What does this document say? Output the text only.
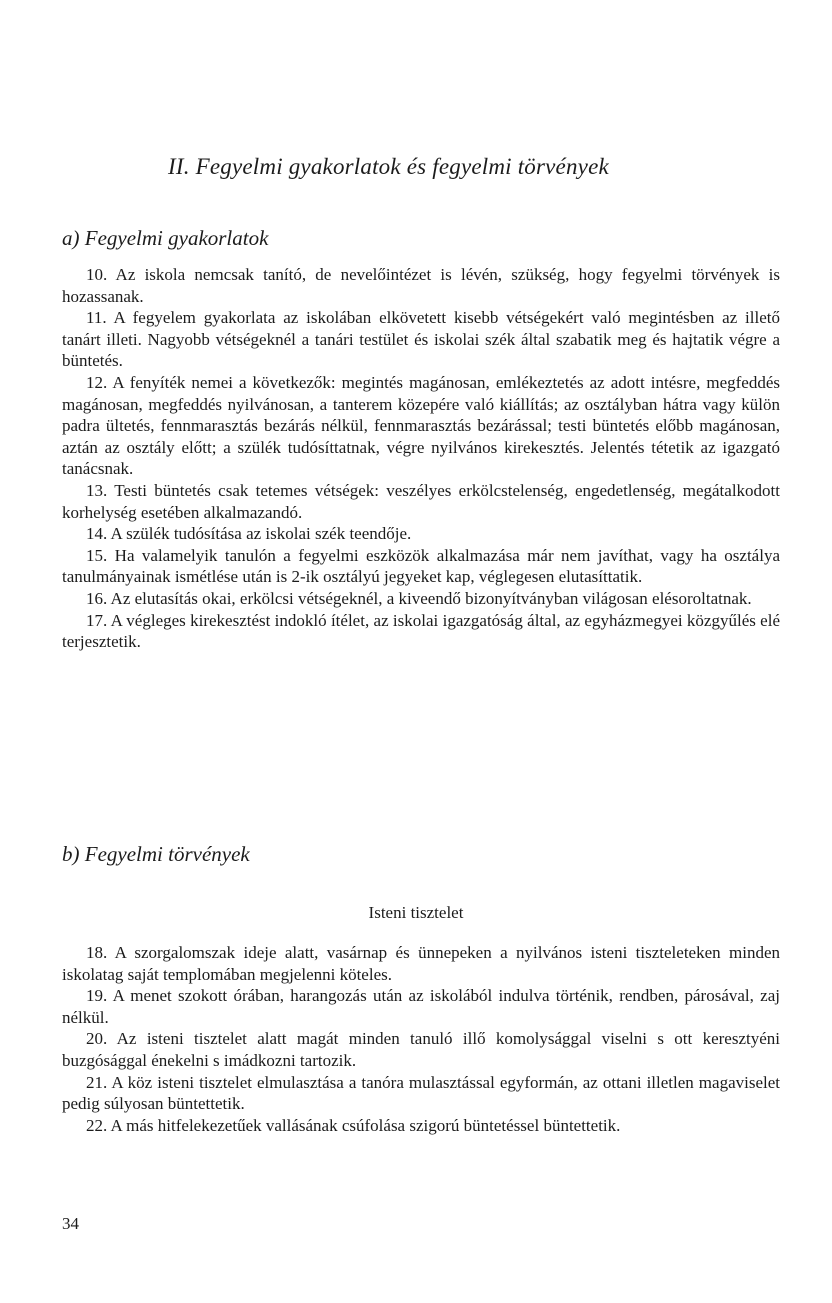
II. Fegyelmi gyakorlatok és fegyelmi törvények
a) Fegyelmi gyakorlatok

10. Az iskola nemcsak tanító, de nevelőintézet is lévén, szükség, hogy fegyelmi törvények is hozassanak.

11. A fegyelem gyakorlata az iskolában elkövetett kisebb vétségekért való megintésben az illető tanárt illeti. Nagyobb vétségeknél a tanári testület és iskolai szék által szabatik meg és hajtatik végre a büntetés.

12. A fenyíték nemei a következők: megintés magánosan, emlékeztetés az adott intésre, megfeddés magánosan, megfeddés nyilvánosan, a tanterem közepére való kiállítás; az osztályban hátra vagy külön padra ültetés, fennmarasztás bezárás nélkül, fennmarasztás bezárással; testi büntetés előbb magánosan, aztán az osztály előtt; a szülék tudósíttatnak, végre nyilvános kirekesztés. Jelentés tétetik az igazgató tanácsnak.

13. Testi büntetés csak tetemes vétségek: veszélyes erkölcstelenség, engedetlenség, megátalkodott korhelység esetében alkalmazandó.

14. A szülék tudósítása az iskolai szék teendője.

15. Ha valamelyik tanulón a fegyelmi eszközök alkalmazása már nem javíthat, vagy ha osztálya tanulmányainak ismétlése után is 2-ik osztályú jegyeket kap, véglegesen elutasíttatik.

16. Az elutasítás okai, erkölcsi vétségeknél, a kiveendő bizonyítványban világosan elésoroltatnak.

17. A végleges kirekesztést indokló ítélet, az iskolai igazgatóság által, az egyházmegyei közgyűlés elé terjesztetik.

b) Fegyelmi törvények
Isteni tisztelet

18. A szorgalomszak ideje alatt, vasárnap és ünnepeken a nyilvános isteni tiszteleteken minden iskolatag saját templomában megjelenni köteles.

19. A menet szokott órában, harangozás után az iskolából indulva történik, rendben, párosával, zaj nélkül.

20. Az isteni tisztelet alatt magát minden tanuló illő komolysággal viselni s ott keresztyéni buzgósággal énekelni s imádkozni tartozik.

21. A köz isteni tisztelet elmulasztása a tanóra mulasztással egyformán, az ottani illetlen magaviselet pedig súlyosan büntettetik.

22. A más hitfelekezetűek vallásának csúfolása szigorú büntetéssel büntettetik.

34
